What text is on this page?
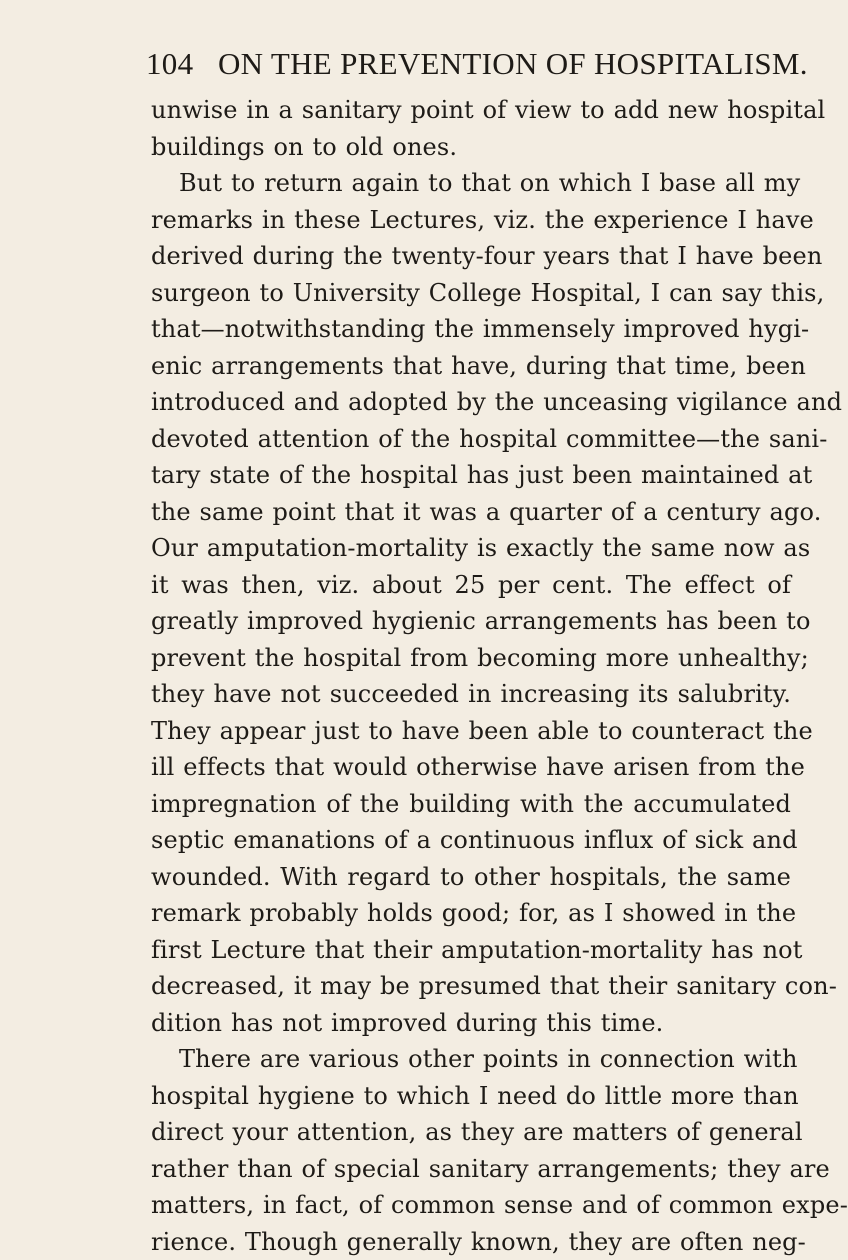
104 ON THE PREVENTION OF HOSPITALISM.
unwise in a sanitary point of view to add new hospital
buildings on to old ones.
But to return again to that on which I base all my
remarks in these Lectures, viz. the experience I have
derived during the twenty-four years that I have been
surgeon to University College Hospital, I can say this,
that—notwithstanding the immensely improved hygi-
enic arrangements that have, during that time, been
introduced and adopted by the unceasing vigilance and
devoted attention of the hospital committee—the sani-
tary state of the hospital has just been maintained at
the same point that it was a quarter of a century ago.
Our amputation-mortality is exactly the same now as
it was then, viz. about 25 per cent. The effect of
greatly improved hygienic arrangements has been to
prevent the hospital from becoming more unhealthy;
they have not succeeded in increasing its salubrity.
They appear just to have been able to counteract the
ill effects that would otherwise have arisen from the
impregnation of the building with the accumulated
septic emanations of a continuous influx of sick and
wounded. With regard to other hospitals, the same
remark probably holds good; for, as I showed in the
first Lecture that their amputation-mortality has not
decreased, it may be presumed that their sanitary con-
dition has not improved during this time.
There are various other points in connection with
hospital hygiene to which I need do little more than
direct your attention, as they are matters of general
rather than of special sanitary arrangements; they are
matters, in fact, of common sense and of common expe-
rience. Though generally known, they are often neg-
